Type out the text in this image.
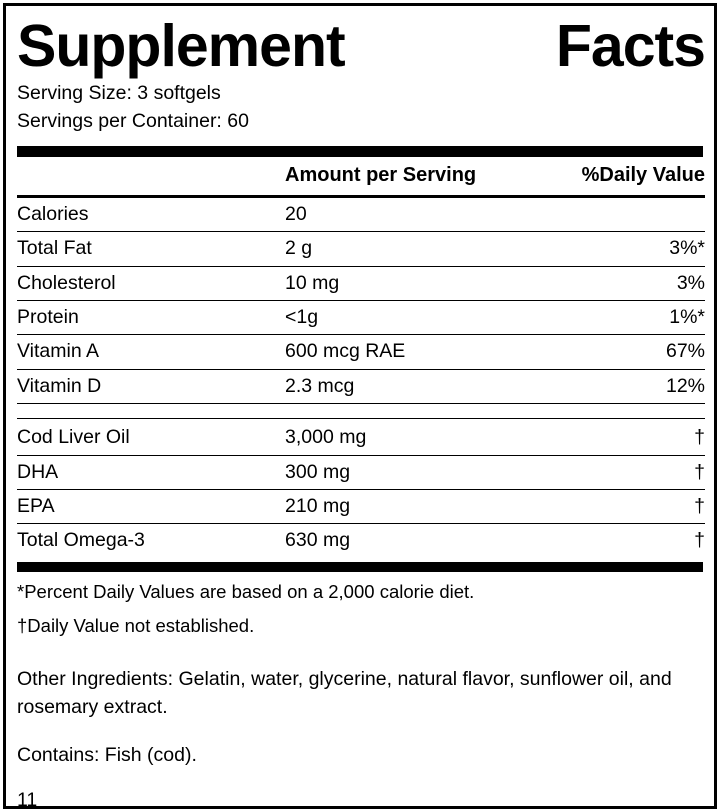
Supplement	Facts
Serving Size: 3 softgels
Servings per Container: 60
	Amount per Serving	%Daily Value
Calories	20	
Total Fat	2 g	3%*
Cholesterol	10 mg	3%
Protein	<1g	1%*
Vitamin A	600 mcg RAE	67%
Vitamin D	2.3 mcg	12%

Cod Liver Oil	3,000 mg	†
DHA	300 mg	†
EPA	210 mg	†
Total Omega-3	630 mg	†
*Percent Daily Values are based on a 2,000 calorie diet.
†Daily Value not established.
Other Ingredients: Gelatin, water, glycerine, natural flavor, sunflower oil, and rosemary extract.
Contains: Fish (cod).
11
